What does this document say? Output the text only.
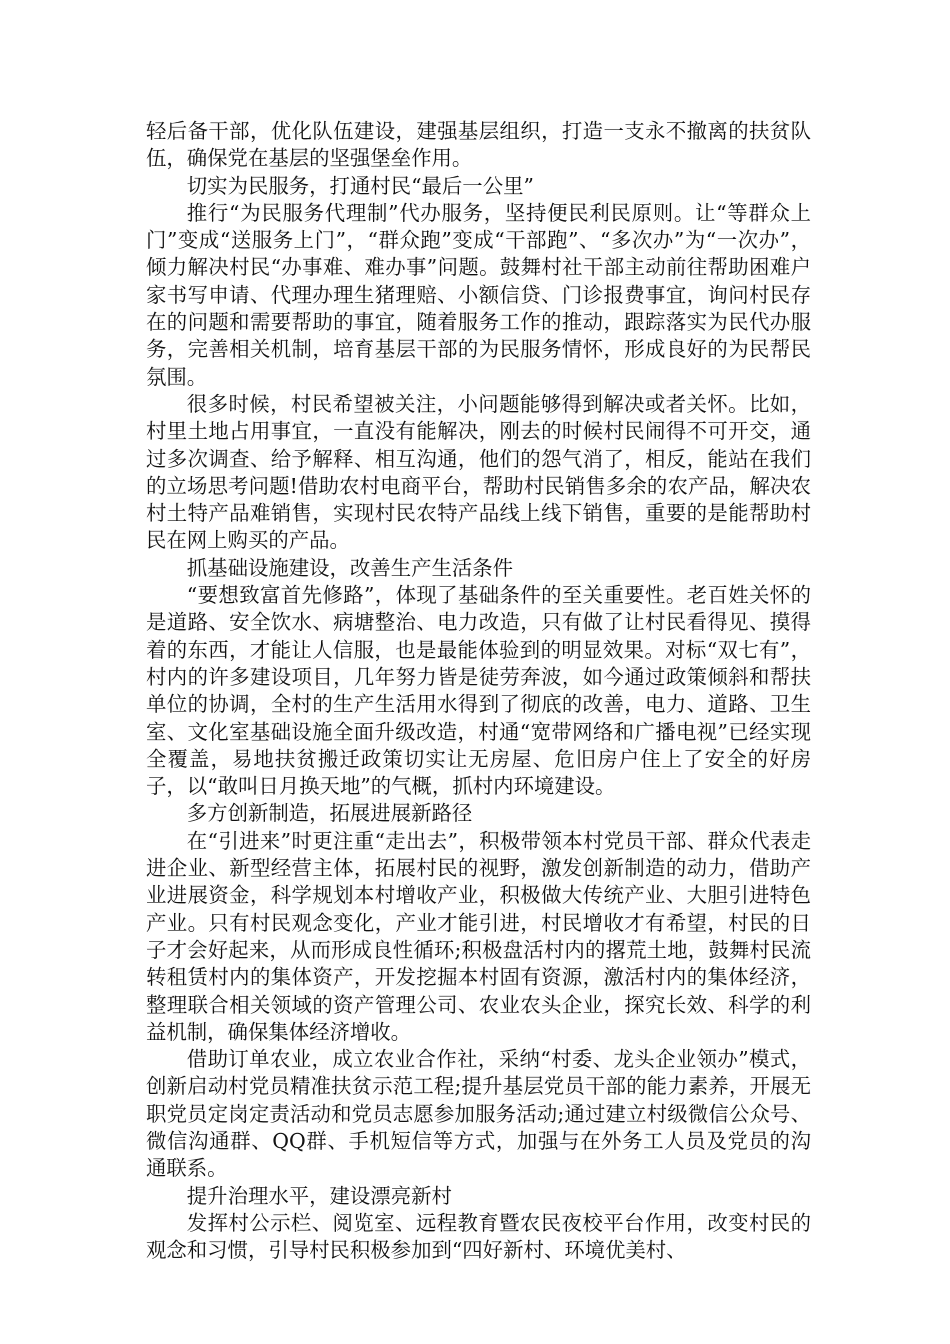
轻后备干部，优化队伍建设，建强基层组织，打造一支永不撤离的扶贫队伍，确保党在基层的坚强堡垒作用。

切实为民服务，打通村民“最后一公里”

推行“为民服务代理制”代办服务，坚持便民利民原则。让“等群众上门”变成“送服务上门”，“群众跑”变成“干部跑”、“多次办”为“一次办”，倾力解决村民“办事难、难办事”问题。鼓舞村社干部主动前往帮助困难户家书写申请、代理办理生猪理赔、小额信贷、门诊报费事宜，询问村民存在的问题和需要帮助的事宜，随着服务工作的推动，跟踪落实为民代办服务，完善相关机制，培育基层干部的为民服务情怀，形成良好的为民帮民氛围。

很多时候，村民希望被关注，小问题能够得到解决或者关怀。比如，村里土地占用事宜，一直没有能解决，刚去的时候村民闹得不可开交，通过多次调查、给予解释、相互沟通，他们的怨气消了，相反，能站在我们的立场思考问题!借助农村电商平台，帮助村民销售多余的农产品，解决农村土特产品难销售，实现村民农特产品线上线下销售，重要的是能帮助村民在网上购买的产品。

抓基础设施建设，改善生产生活条件

“要想致富首先修路”，体现了基础条件的至关重要性。老百姓关怀的是道路、安全饮水、病塘整治、电力改造，只有做了让村民看得见、摸得着的东西，才能让人信服，也是最能体验到的明显效果。对标“双七有”，村内的许多建设项目，几年努力皆是徒劳奔波，如今通过政策倾斜和帮扶单位的协调，全村的生产生活用水得到了彻底的改善，电力、道路、卫生室、文化室基础设施全面升级改造，村通“宽带网络和广播电视”已经实现全覆盖，易地扶贫搬迁政策切实让无房屋、危旧房户住上了安全的好房子，以“敢叫日月换天地”的气概，抓村内环境建设。

多方创新制造，拓展进展新路径

在“引进来”时更注重“走出去”，积极带领本村党员干部、群众代表走进企业、新型经营主体，拓展村民的视野，激发创新制造的动力，借助产业进展资金，科学规划本村增收产业，积极做大传统产业、大胆引进特色产业。只有村民观念变化，产业才能引进，村民增收才有希望，村民的日子才会好起来，从而形成良性循环;积极盘活村内的撂荒土地，鼓舞村民流转租赁村内的集体资产，开发挖掘本村固有资源，激活村内的集体经济，整理联合相关领域的资产管理公司、农业农头企业，探究长效、科学的利益机制，确保集体经济增收。

借助订单农业，成立农业合作社，采纳“村委、龙头企业领办”模式，创新启动村党员精准扶贫示范工程;提升基层党员干部的能力素养，开展无职党员定岗定责活动和党员志愿参加服务活动;通过建立村级微信公众号、微信沟通群、QQ群、手机短信等方式，加强与在外务工人员及党员的沟通联系。

提升治理水平，建设漂亮新村

发挥村公示栏、阅览室、远程教育暨农民夜校平台作用，改变村民的观念和习惯，引导村民积极参加到“四好新村、环境优美村、
